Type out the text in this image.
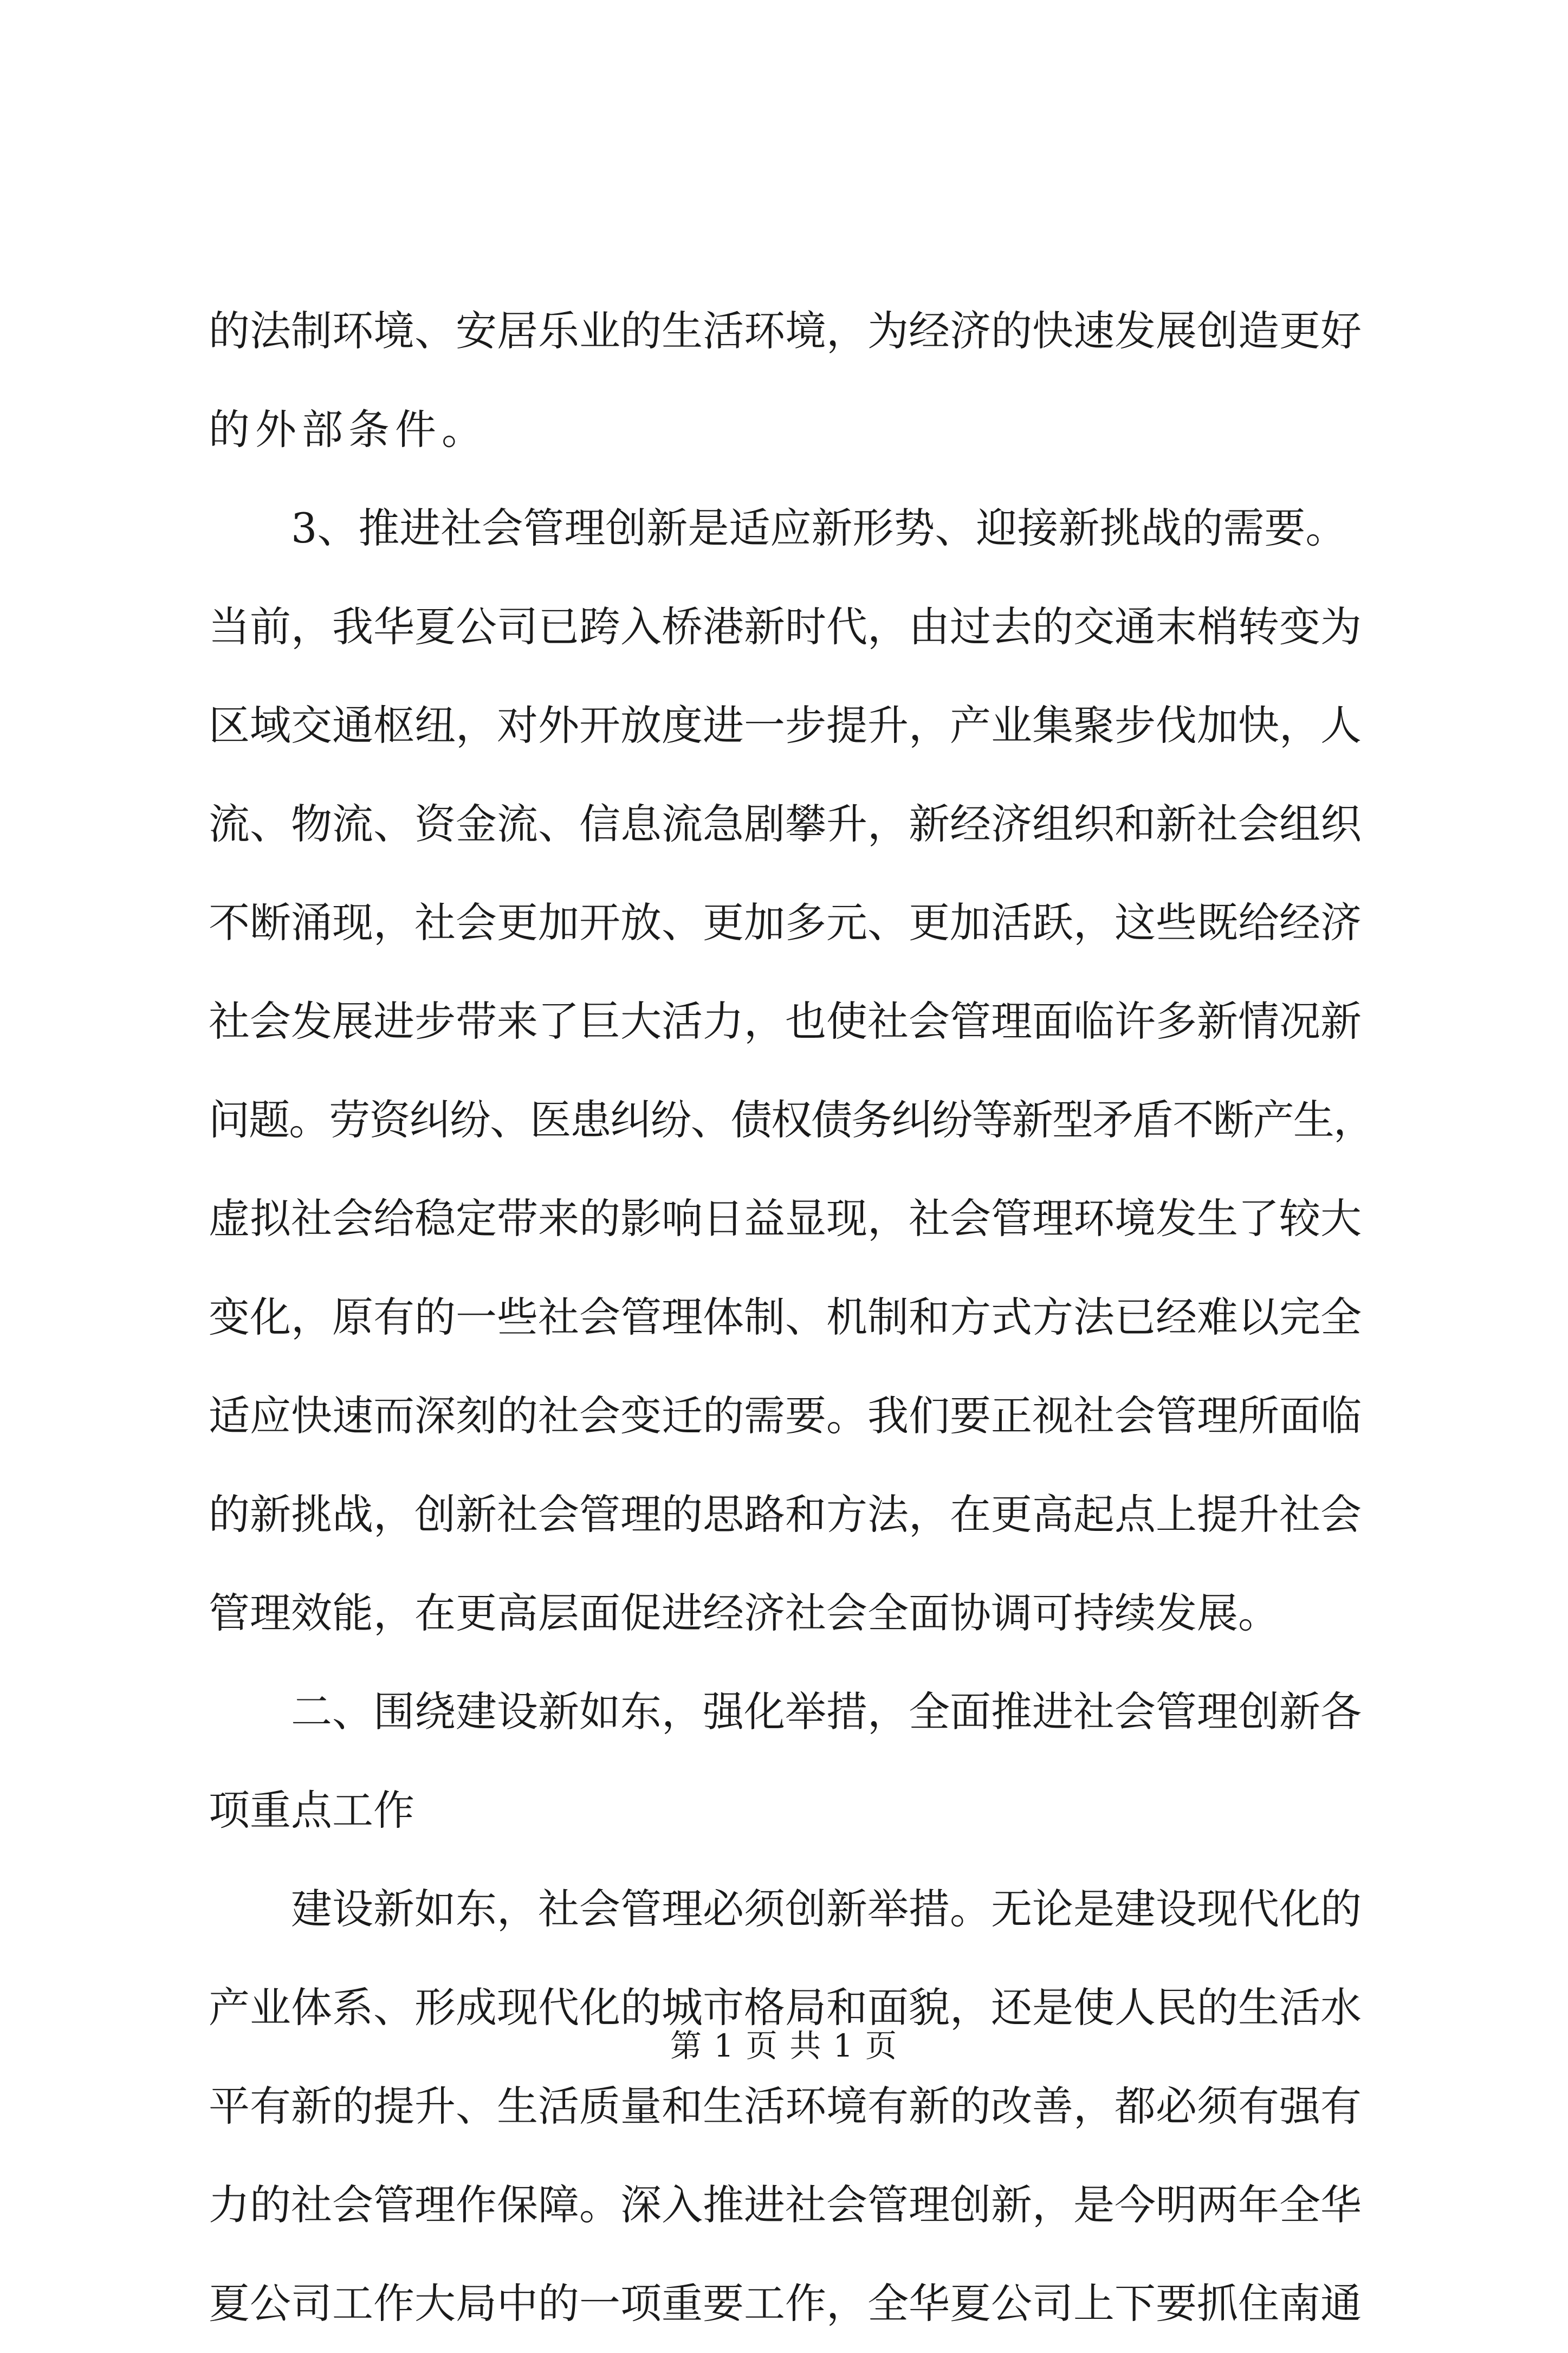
的法制环境、安居乐业的生活环境，为经济的快速发展创造更好
的外部条件。
3、推进社会管理创新是适应新形势、迎接新挑战的需要。
当前，我华夏公司已跨入桥港新时代，由过去的交通末梢转变为
区域交通枢纽，对外开放度进一步提升，产业集聚步伐加快，人
流、物流、资金流、信息流急剧攀升，新经济组织和新社会组织
不断涌现，社会更加开放、更加多元、更加活跃，这些既给经济
社会发展进步带来了巨大活力，也使社会管理面临许多新情况新
问题。劳资纠纷、医患纠纷、债权债务纠纷等新型矛盾不断产生，
虚拟社会给稳定带来的影响日益显现，社会管理环境发生了较大
变化，原有的一些社会管理体制、机制和方式方法已经难以完全
适应快速而深刻的社会变迁的需要。我们要正视社会管理所面临
的新挑战，创新社会管理的思路和方法，在更高起点上提升社会
管理效能，在更高层面促进经济社会全面协调可持续发展。
二、围绕建设新如东，强化举措，全面推进社会管理创新各
项重点工作
建设新如东，社会管理必须创新举措。无论是建设现代化的
产业体系、形成现代化的城市格局和面貌，还是使人民的生活水
平有新的提升、生活质量和生活环境有新的改善，都必须有强有
力的社会管理作保障。深入推进社会管理创新，是今明两年全华
夏公司工作大局中的一项重要工作，全华夏公司上下要抓住南通
第 1 页 共 1 页
